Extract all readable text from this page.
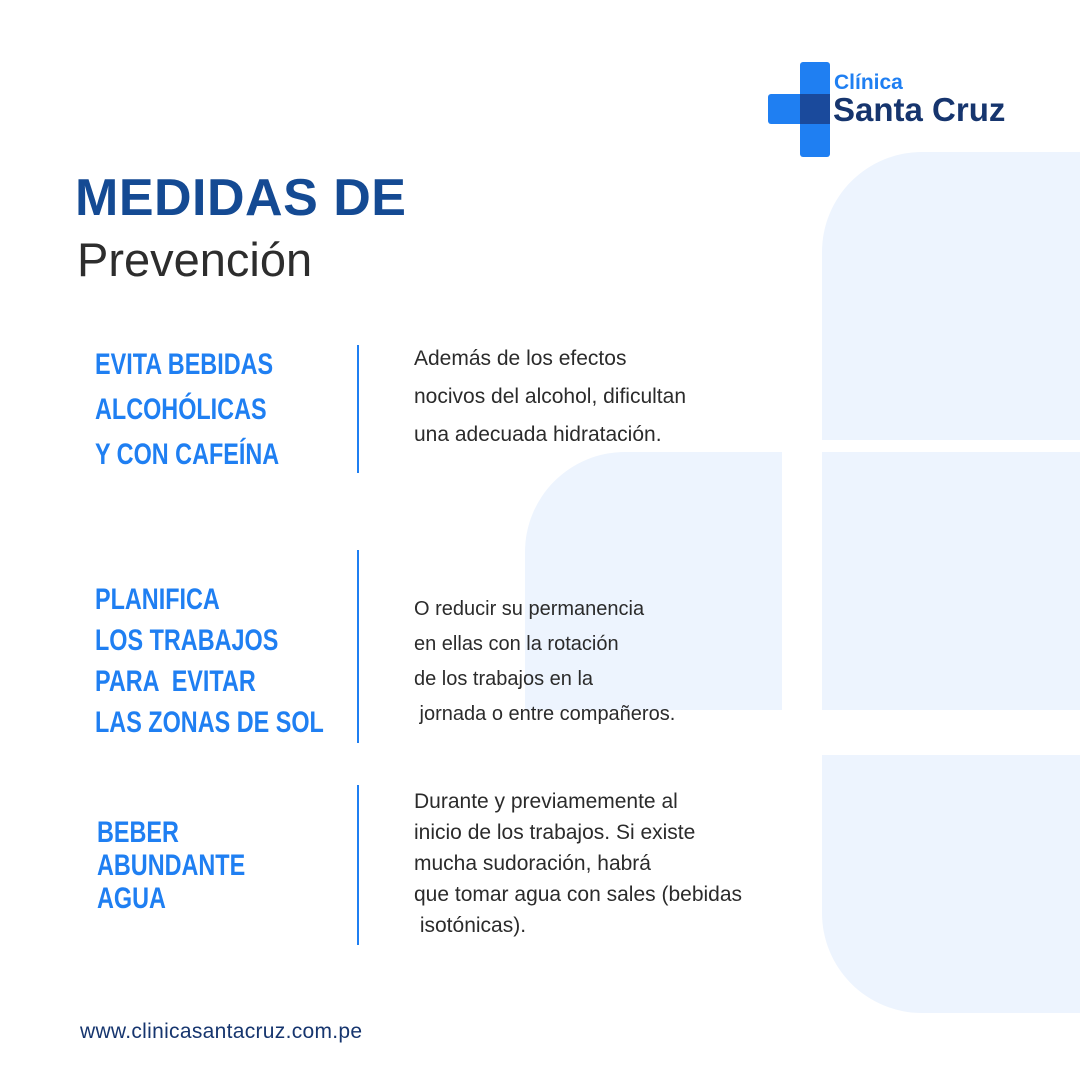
Clínica
Santa Cruz
MEDIDAS DE
Prevención
EVITA BEBIDAS
ALCOHÓLICAS
Y CON CAFEÍNA
Además de los efectos
nocivos del alcohol, dificultan
una adecuada hidratación.
PLANIFICA
LOS TRABAJOS
PARA  EVITAR
LAS ZONAS DE SOL
O reducir su permanencia
en ellas con la rotación
de los trabajos en la
jornada o entre compañeros.
BEBER
ABUNDANTE
AGUA
Durante y previamemente al
inicio de los trabajos. Si existe
mucha sudoración, habrá
que tomar agua con sales (bebidas
isotónicas).
www.clinicasantacruz.com.pe
